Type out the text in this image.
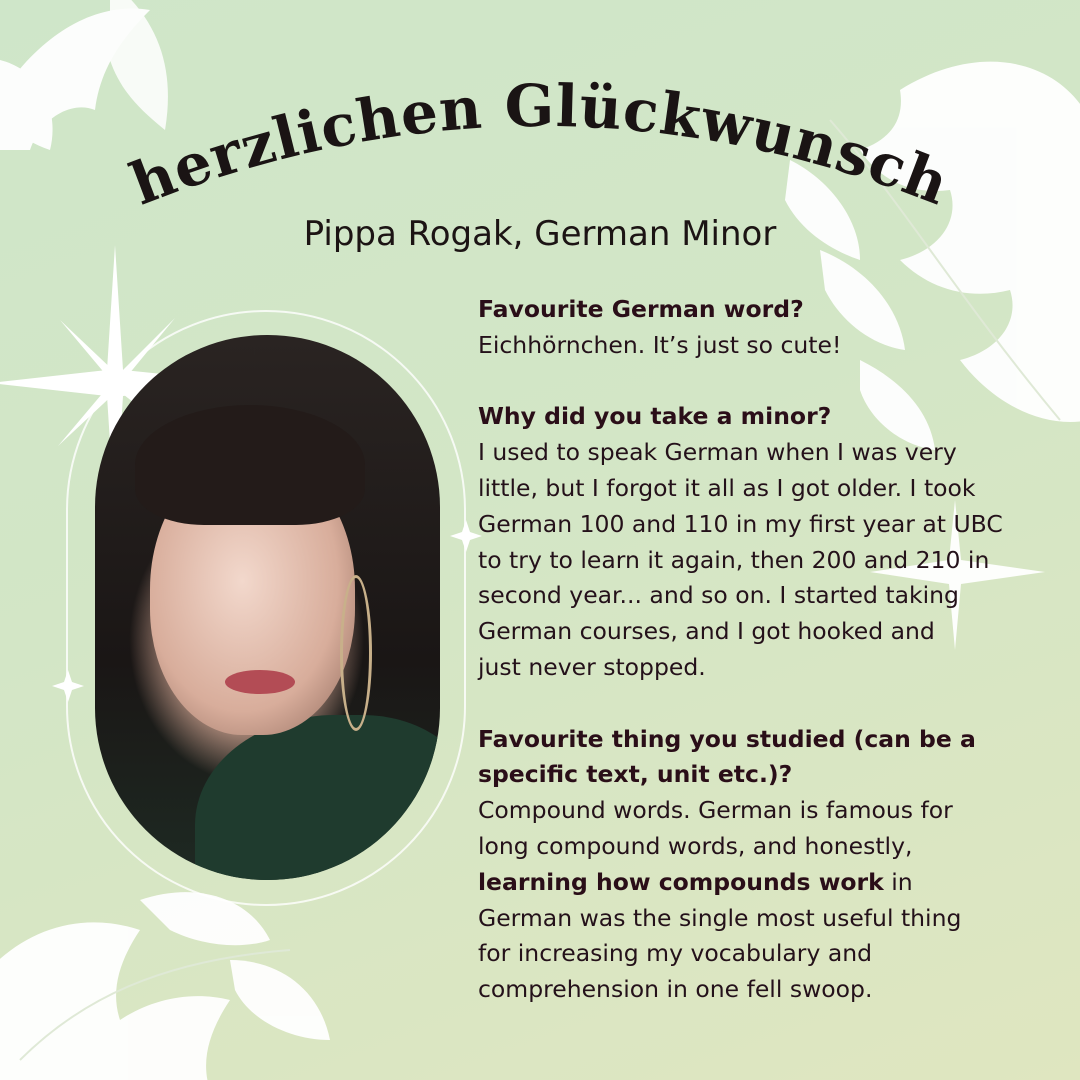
herzlichen Glückwunsch
Pippa Rogak, German Minor
Favourite German word?
Eichhörnchen. It’s just so cute!
Why did you take a minor?
I used to speak German when I was very
little, but I forgot it all as I got older. I took
German 100 and 110 in my first year at UBC
to try to learn it again, then 200 and 210 in
second year... and so on. I started taking
German courses, and I got hooked and
just never stopped.
Favourite thing you studied (can be a
specific text, unit etc.)?
Compound words. German is famous for
long compound words, and honestly,
learning how compounds work in
German was the single most useful thing
for increasing my vocabulary and
comprehension in one fell swoop.
